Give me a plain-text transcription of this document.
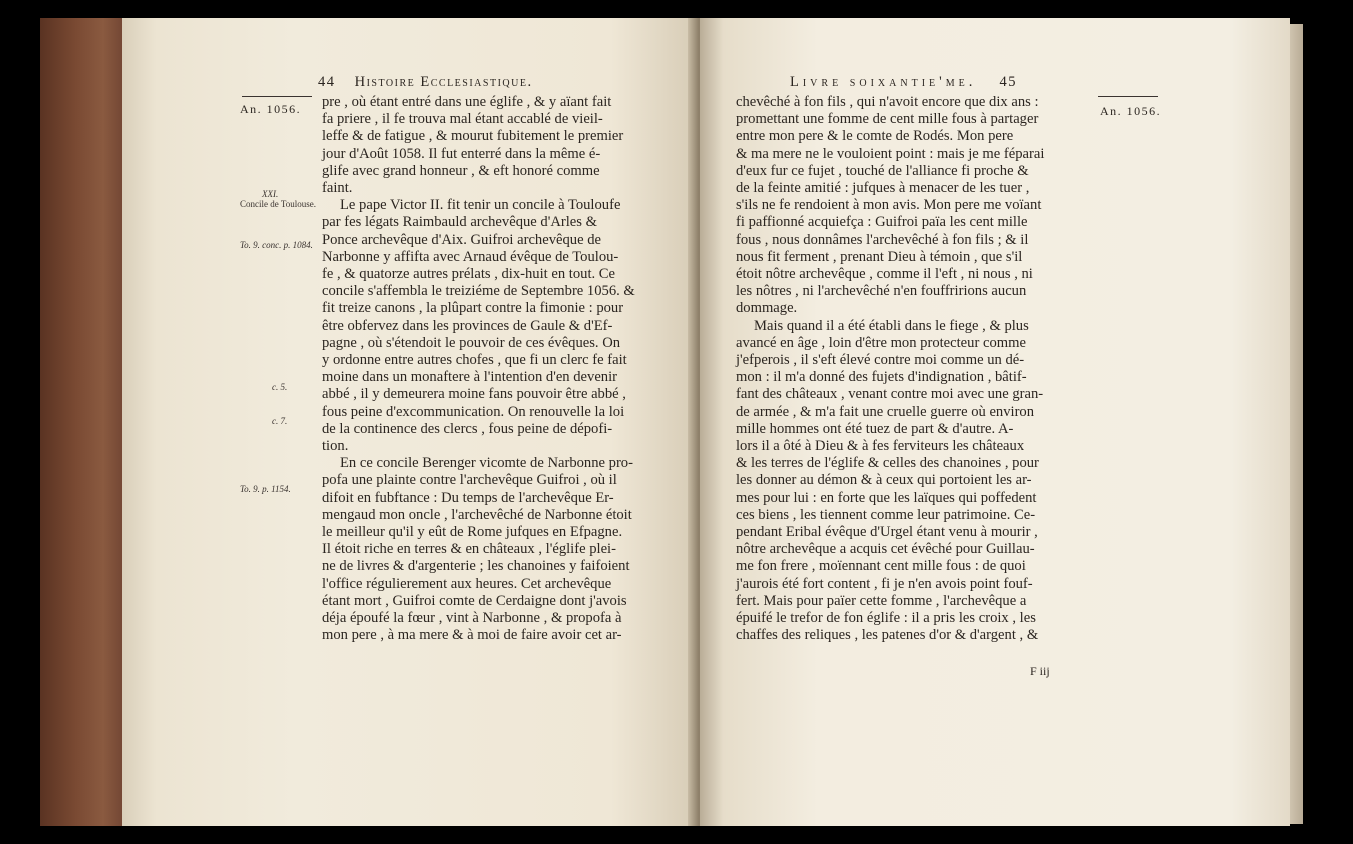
44 Histoire Ecclesiastique.
An. 1056.
XXI.
Concile de Toulouse.
To. 9. conc. p. 1084.
c. 5.
c. 7.
To. 9. p. 1154.
pre , où étant entré dans une églife , & y aïant fait
fa priere , il fe trouva mal étant accablé de vieil-
leffe & de fatigue , & mourut fubitement le premier
jour d'Août 1058. Il fut enterré dans la même é-
glife avec grand honneur , & eft honoré comme
faint.
Le pape Victor II. fit tenir un concile à Touloufe
par fes légats Raimbauld archevêque d'Arles &
Ponce archevêque d'Aix. Guifroi archevêque de
Narbonne y affifta avec Arnaud évêque de Toulou-
fe , & quatorze autres prélats , dix-huit en tout. Ce
concile s'affembla le treiziéme de Septembre 1056. &
fit treize canons , la plûpart contre la fimonie : pour
être obfervez dans les provinces de Gaule & d'Ef-
pagne , où s'étendoit le pouvoir de ces évêques. On
y ordonne entre autres chofes , que fi un clerc fe fait
moine dans un monaftere à l'intention d'en devenir
abbé , il y demeurera moine fans pouvoir être abbé ,
fous peine d'excommunication. On renouvelle la loi
de la continence des clercs , fous peine de dépofi-
tion.
En ce concile Berenger vicomte de Narbonne pro-
pofa une plainte contre l'archevêque Guifroi , où il
difoit en fubftance : Du temps de l'archevêque Er-
mengaud mon oncle , l'archevêché de Narbonne étoit
le meilleur qu'il y eût de Rome jufques en Efpagne.
Il étoit riche en terres & en châteaux , l'églife plei-
ne de livres & d'argenterie ; les chanoines y faifoient
l'office régulierement aux heures. Cet archevêque
étant mort , Guifroi comte de Cerdaigne dont j'avois
déja époufé la fœur , vint à Narbonne , & propofa à
mon pere , à ma mere & à moi de faire avoir cet ar-
Livre soixantie'me. 45
An. 1056.
chevêché à fon fils , qui n'avoit encore que dix ans :
promettant une fomme de cent mille fous à partager
entre mon pere & le comte de Rodés. Mon pere
& ma mere ne le vouloient point : mais je me féparai
d'eux fur ce fujet , touché de l'alliance fi proche &
de la feinte amitié : jufques à menacer de les tuer ,
s'ils ne fe rendoient à mon avis. Mon pere me voïant
fi paffionné acquiefça : Guifroi païa les cent mille
fous , nous donnâmes l'archevêché à fon fils ; & il
nous fit ferment , prenant Dieu à témoin , que s'il
étoit nôtre archevêque , comme il l'eft , ni nous , ni
les nôtres , ni l'archevêché n'en fouffririons aucun
dommage.
Mais quand il a été établi dans le fiege , & plus
avancé en âge , loin d'être mon protecteur comme
j'efperois , il s'eft élevé contre moi comme un dé-
mon : il m'a donné des fujets d'indignation , bâtif-
fant des châteaux , venant contre moi avec une gran-
de armée , & m'a fait une cruelle guerre où environ
mille hommes ont été tuez de part & d'autre. A-
lors il a ôté à Dieu & à fes ferviteurs les châteaux
& les terres de l'églife & celles des chanoines , pour
les donner au démon & à ceux qui portoient les ar-
mes pour lui : en forte que les laïques qui poffedent
ces biens , les tiennent comme leur patrimoine. Ce-
pendant Eribal évêque d'Urgel étant venu à mourir ,
nôtre archevêque a acquis cet évêché pour Guillau-
me fon frere , moïennant cent mille fous : de quoi
j'aurois été fort content , fi je n'en avois point fouf-
fert. Mais pour païer cette fomme , l'archevêque a
épuifé le trefor de fon églife : il a pris les croix , les
chaffes des reliques , les patenes d'or & d'argent , &
F iij
